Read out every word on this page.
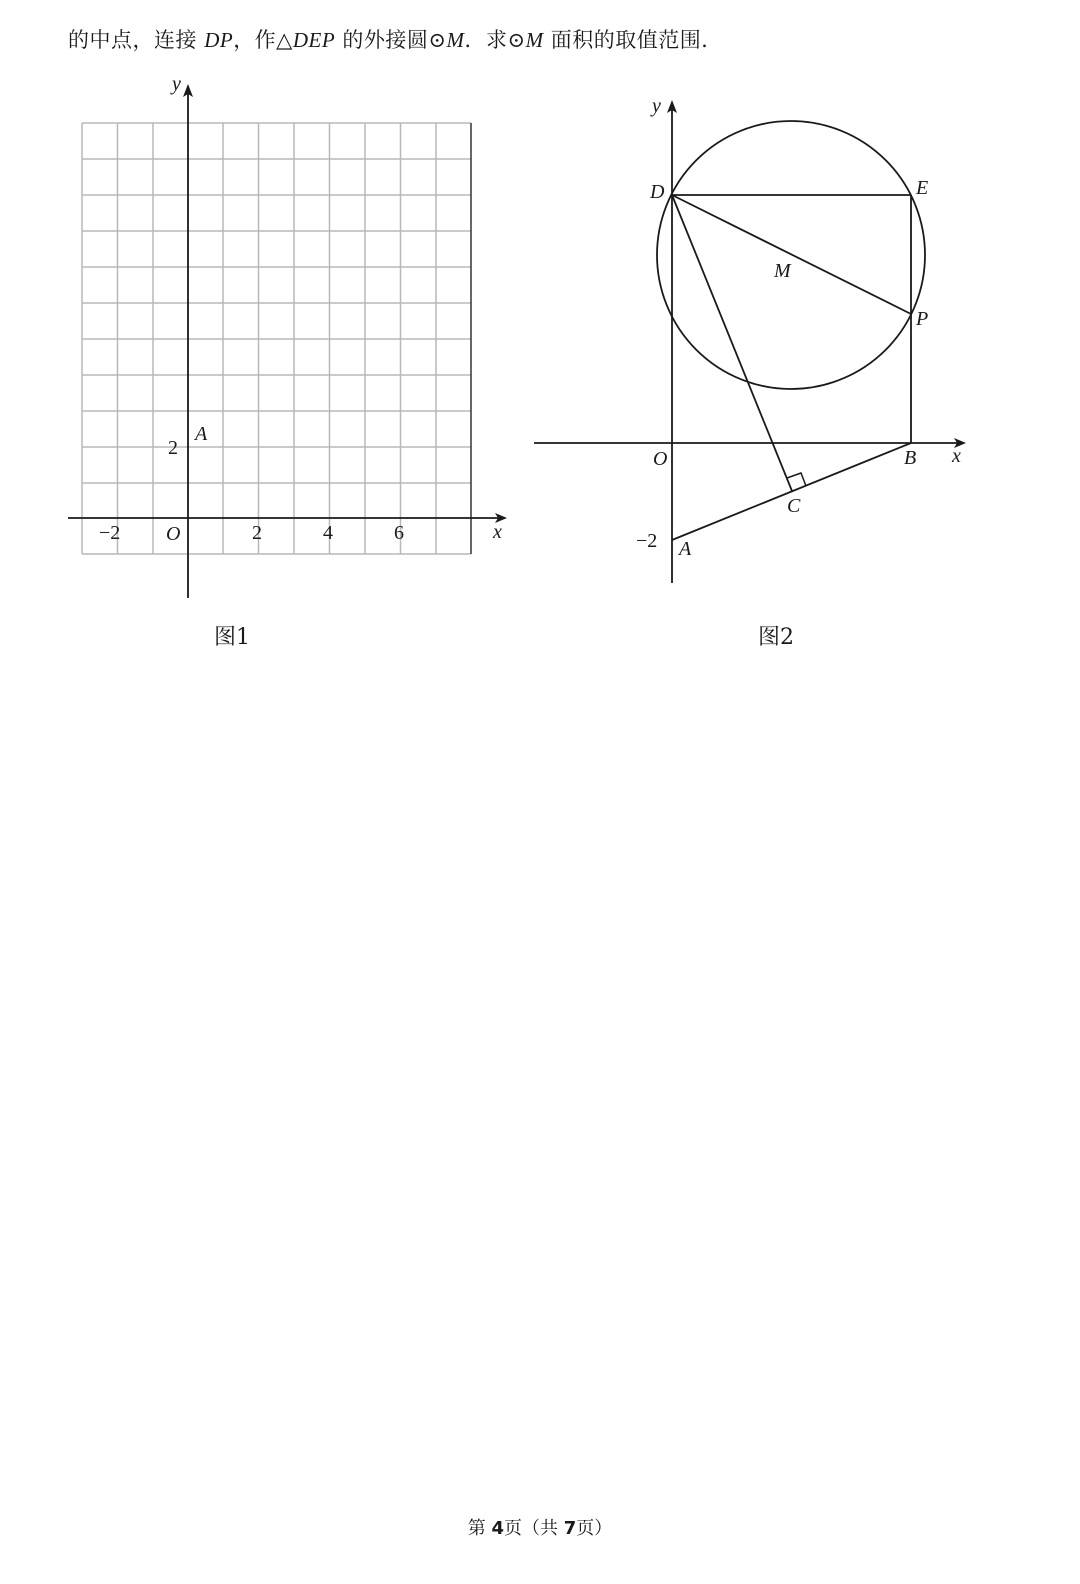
的中点，连接 DP，作△DEP 的外接圆⊙M．求⊙M 面积的取值范围．
y
x
O
A
2
−2	2	4	6
y
x
O
D	E
M
P
B
C
A
−2
图1	图2
第 4页（共 7页）
